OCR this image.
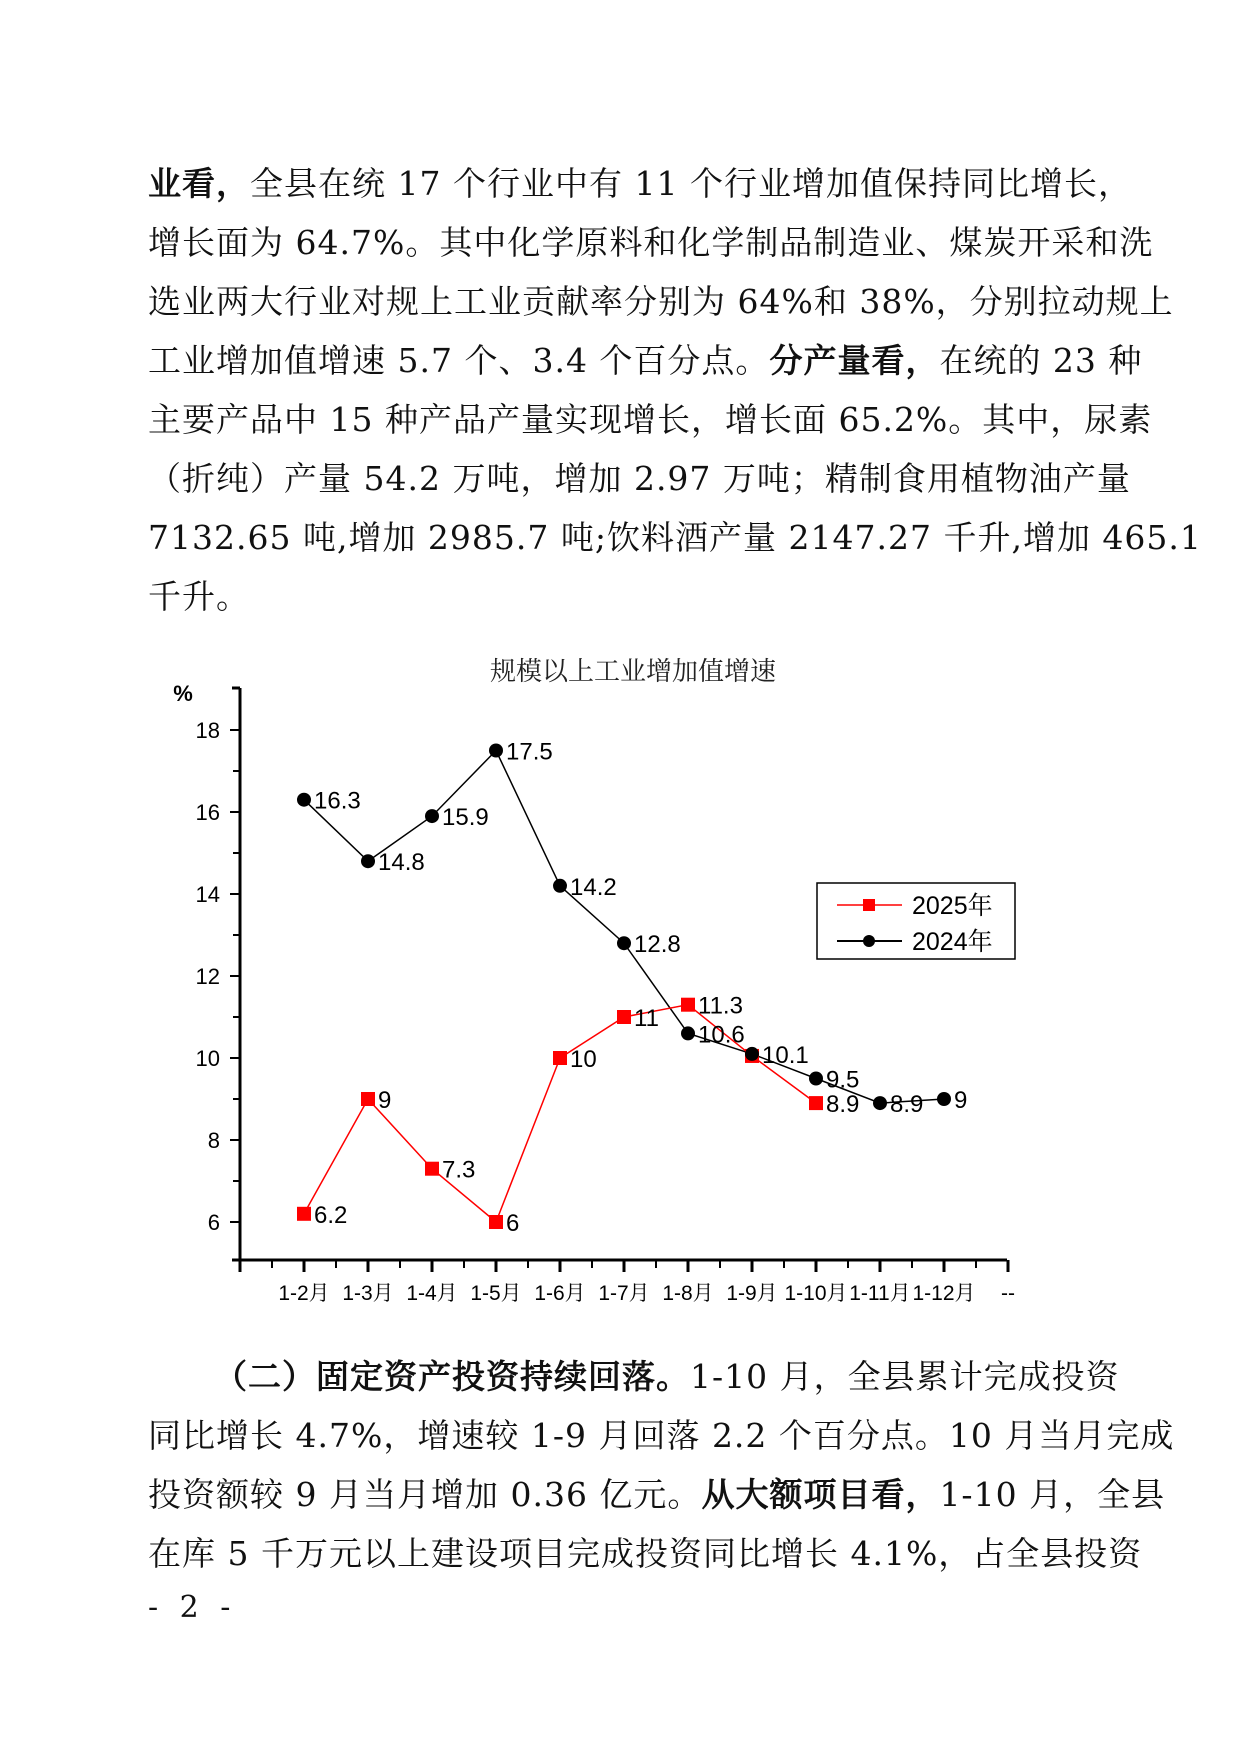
业看，全县在统 17 个行业中有 11 个行业增加值保持同比增长，
增长面为 64.7%。其中化学原料和化学制品制造业、煤炭开采和洗
选业两大行业对规上工业贡献率分别为 64%和 38%，分别拉动规上
工业增加值增速 5.7 个、3.4 个百分点。分产量看，在统的 23 种
主要产品中 15 种产品产量实现增长，增长面 65.2%。其中，尿素
（折纯）产量 54.2 万吨，增加 2.97 万吨；精制食用植物油产量
7132.65 吨,增加 2985.7 吨;饮料酒产量 2147.27 千升,增加 465.1
千升。
规模以上工业增加值增速
%
6
8
10
12
14
16
18
1-2月 1-3月 1-4月 1-5月 1-6月 1-7月 1-8月 1-9月 1-10月 1-11月 1-12月 --
6.2
9
7.3
6
10
11 11.3
8.9
16.3
14.8
15.9
17.5
14.2
12.8
10.6
10.1
9.5
8.9 9
2025年
2024年
（二）固定资产投资持续回落。1-10 月，全县累计完成投资
同比增长 4.7%，增速较 1-9 月回落 2.2 个百分点。10 月当月完成
投资额较 9 月当月增加 0.36 亿元。从大额项目看，1-10 月，全县
在库 5 千万元以上建设项目完成投资同比增长 4.1%，占全县投资
- 2 -
